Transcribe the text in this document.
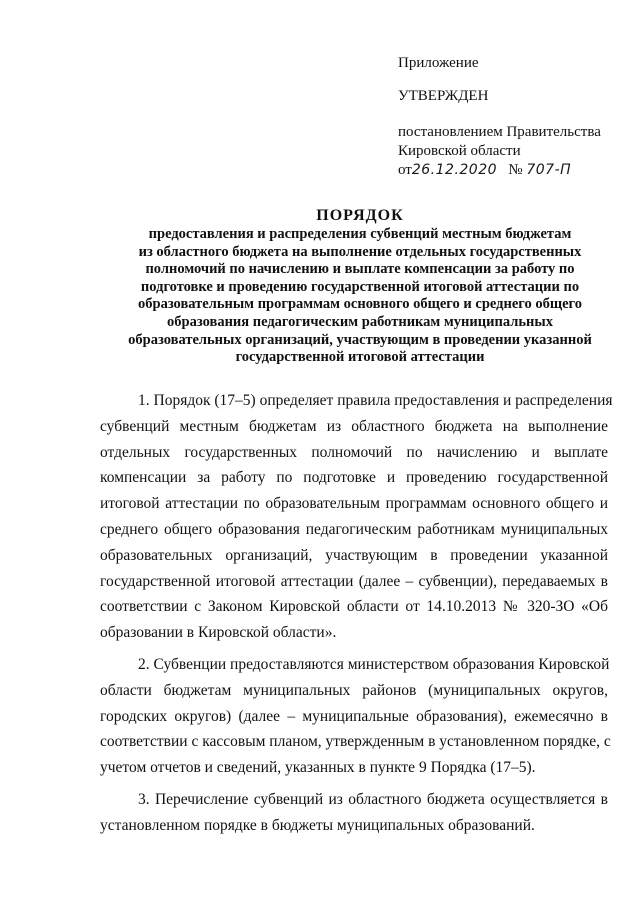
Приложение
УТВЕРЖДЕН
постановлением Правительства
Кировской области
от26.12.2020 № 707-П
ПОРЯДОК
предоставления и распределения субвенций местным бюджетам
из областного бюджета на выполнение отдельных государственных
полномочий по начислению и выплате компенсации за работу по
подготовке и проведению государственной итоговой аттестации по
образовательным программам основного общего и среднего общего
образования педагогическим работникам муниципальных
образовательных организаций, участвующим в проведении указанной
государственной итоговой аттестации
1. Порядок (17–5) определяет правила предоставления и распределения
субвенций местным бюджетам из областного бюджета на выполнение
отдельных государственных полномочий по начислению и выплате
компенсации за работу по подготовке и проведению государственной
итоговой аттестации по образовательным программам основного общего и
среднего общего образования педагогическим работникам муниципальных
образовательных организаций, участвующим в проведении указанной
государственной итоговой аттестации (далее – субвенции), передаваемых в
соответствии с Законом Кировской области от 14.10.2013 № 320-ЗО «Об
образовании в Кировской области».
2. Субвенции предоставляются министерством образования Кировской
области бюджетам муниципальных районов (муниципальных округов,
городских округов) (далее – муниципальные образования), ежемесячно в
соответствии с кассовым планом, утвержденным в установленном порядке, с
учетом отчетов и сведений, указанных в пункте 9 Порядка (17–5).
3. Перечисление субвенций из областного бюджета осуществляется в
установленном порядке в бюджеты муниципальных образований.
